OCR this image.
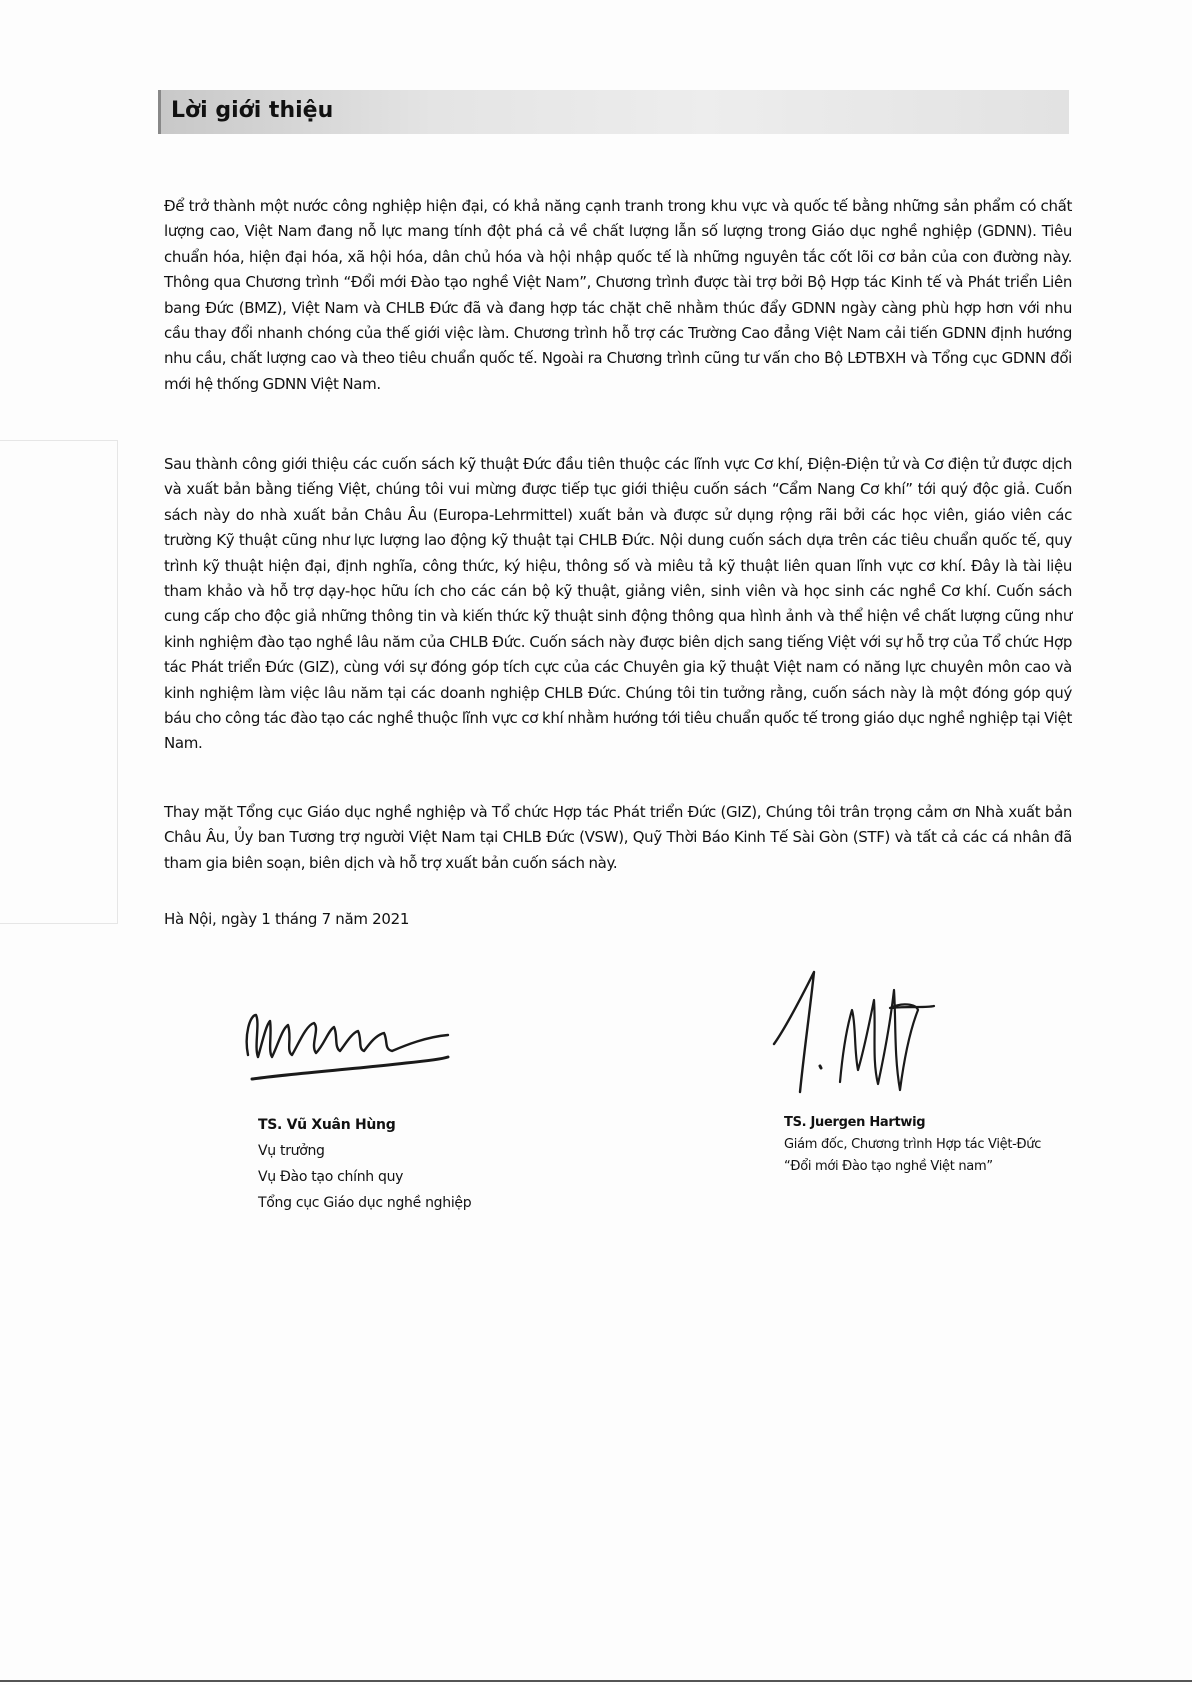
Lời giới thiệu

Để trở thành một nước công nghiệp hiện đại, có khả năng cạnh tranh trong khu vực và quốc tế bằng những sản phẩm có chất lượng cao, Việt Nam đang nỗ lực mang tính đột phá cả về chất lượng lẫn số lượng trong Giáo dục nghề nghiệp (GDNN). Tiêu chuẩn hóa, hiện đại hóa, xã hội hóa, dân chủ hóa và hội nhập quốc tế là những nguyên tắc cốt lõi cơ bản của con đường này. Thông qua Chương trình “Đổi mới Đào tạo nghề Việt Nam”, Chương trình được tài trợ bởi Bộ Hợp tác Kinh tế và Phát triển Liên bang Đức (BMZ), Việt Nam và CHLB Đức đã và đang hợp tác chặt chẽ nhằm thúc đẩy GDNN ngày càng phù hợp hơn với nhu cầu thay đổi nhanh chóng của thế giới việc làm. Chương trình hỗ trợ các Trường Cao đẳng Việt Nam cải tiến GDNN định hướng nhu cầu, chất lượng cao và theo tiêu chuẩn quốc tế. Ngoài ra Chương trình cũng tư vấn cho Bộ LĐTBXH và Tổng cục GDNN đổi mới hệ thống GDNN Việt Nam.

Sau thành công giới thiệu các cuốn sách kỹ thuật Đức đầu tiên thuộc các lĩnh vực Cơ khí, Điện-Điện tử và Cơ điện tử được dịch và xuất bản bằng tiếng Việt, chúng tôi vui mừng được tiếp tục giới thiệu cuốn sách “Cẩm Nang Cơ khí” tới quý độc giả. Cuốn sách này do nhà xuất bản Châu Âu (Europa-Lehrmittel) xuất bản và được sử dụng rộng rãi bởi các học viên, giáo viên các trường Kỹ thuật cũng như lực lượng lao động kỹ thuật tại CHLB Đức. Nội dung cuốn sách dựa trên các tiêu chuẩn quốc tế, quy trình kỹ thuật hiện đại, định nghĩa, công thức, ký hiệu, thông số và miêu tả kỹ thuật liên quan lĩnh vực cơ khí. Đây là tài liệu tham khảo và hỗ trợ dạy-học hữu ích cho các cán bộ kỹ thuật, giảng viên, sinh viên và học sinh các nghề Cơ khí. Cuốn sách cung cấp cho độc giả những thông tin và kiến thức kỹ thuật sinh động thông qua hình ảnh và thể hiện về chất lượng cũng như kinh nghiệm đào tạo nghề lâu năm của CHLB Đức. Cuốn sách này được biên dịch sang tiếng Việt với sự hỗ trợ của Tổ chức Hợp tác Phát triển Đức (GIZ), cùng với sự đóng góp tích cực của các Chuyên gia kỹ thuật Việt nam có năng lực chuyên môn cao và kinh nghiệm làm việc lâu năm tại các doanh nghiệp CHLB Đức. Chúng tôi tin tưởng rằng, cuốn sách này là một đóng góp quý báu cho công tác đào tạo các nghề thuộc lĩnh vực cơ khí nhằm hướng tới tiêu chuẩn quốc tế trong giáo dục nghề nghiệp tại Việt Nam.

Thay mặt Tổng cục Giáo dục nghề nghiệp và Tổ chức Hợp tác Phát triển Đức (GIZ), Chúng tôi trân trọng cảm ơn Nhà xuất bản Châu Âu, Ủy ban Tương trợ người Việt Nam tại CHLB Đức (VSW), Quỹ Thời Báo Kinh Tế Sài Gòn (STF) và tất cả các cá nhân đã tham gia biên soạn, biên dịch và hỗ trợ xuất bản cuốn sách này.

Hà Nội, ngày 1 tháng 7 năm 2021
TS. Vũ Xuân Hùng
Vụ trưởng
Vụ Đào tạo chính quy
Tổng cục Giáo dục nghề nghiệp
TS. Juergen Hartwig
Giám đốc, Chương trình Hợp tác Việt-Đức
“Đổi mới Đào tạo nghề Việt nam”
